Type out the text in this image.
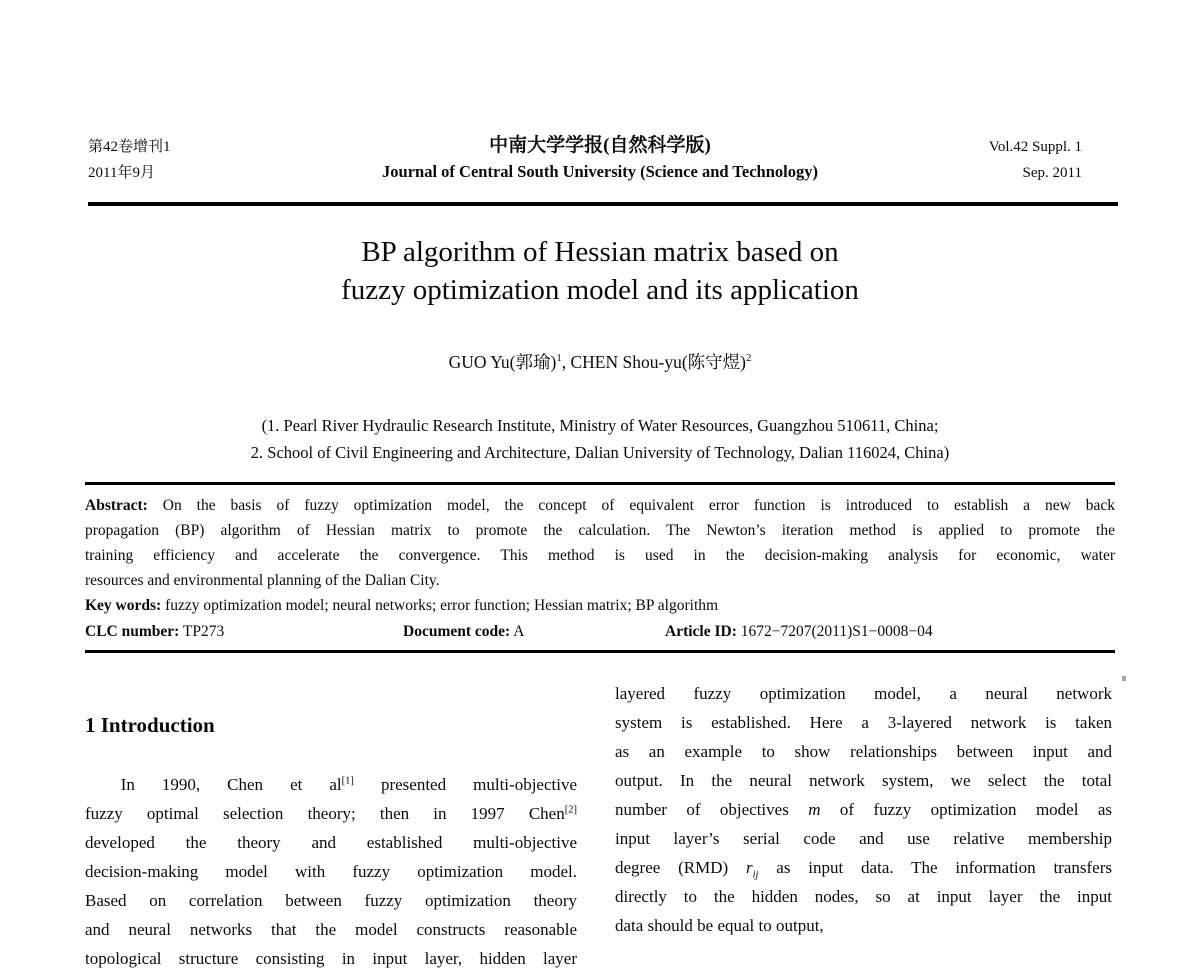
第42卷增刊1
2011年9月
中南大学学报(自然科学版)
Journal of Central South University (Science and Technology)
Vol.42 Suppl. 1
Sep. 2011
BP algorithm of Hessian matrix based on
fuzzy optimization model and its application
GUO Yu(郭瑜)$^1$, CHEN Shou-yu(陈守煜)$^2$
(1. Pearl River Hydraulic Research Institute, Ministry of Water Resources, Guangzhou 510611, China;
2. School of Civil Engineering and Architecture, Dalian University of Technology, Dalian 116024, China)
Abstract: On the basis of fuzzy optimization model, the concept of equivalent error function is introduced to establish a new back
propagation (BP) algorithm of Hessian matrix to promote the calculation. The Newton’s iteration method is applied to promote the
training efficiency and accelerate the convergence. This method is used in the decision-making analysis for economic, water
resources and environmental planning of the Dalian City.
Key words: fuzzy optimization model; neural networks; error function; Hessian matrix; BP algorithm
CLC number: TP273	Document code: A	Article ID: 1672−7207(2011)S1−0008−04
1 Introduction
In 1990, Chen et al[1] presented multi-objective
fuzzy optimal selection theory; then in 1997 Chen[2]
developed the theory and established multi-objective
decision-making model with fuzzy optimization model.
Based on correlation between fuzzy optimization theory
and neural networks that the model constructs reasonable
topological structure consisting in input layer, hidden layer
layered fuzzy optimization model, a neural network
system is established. Here a 3-layered network is taken
as an example to show relationships between input and
output. In the neural network system, we select the total
number of objectives m of fuzzy optimization model as
input layer’s serial code and use relative membership
degree (RMD) $r_{ij}$ as input data. The information transfers
directly to the hidden nodes, so at input layer the input
data should be equal to output,
